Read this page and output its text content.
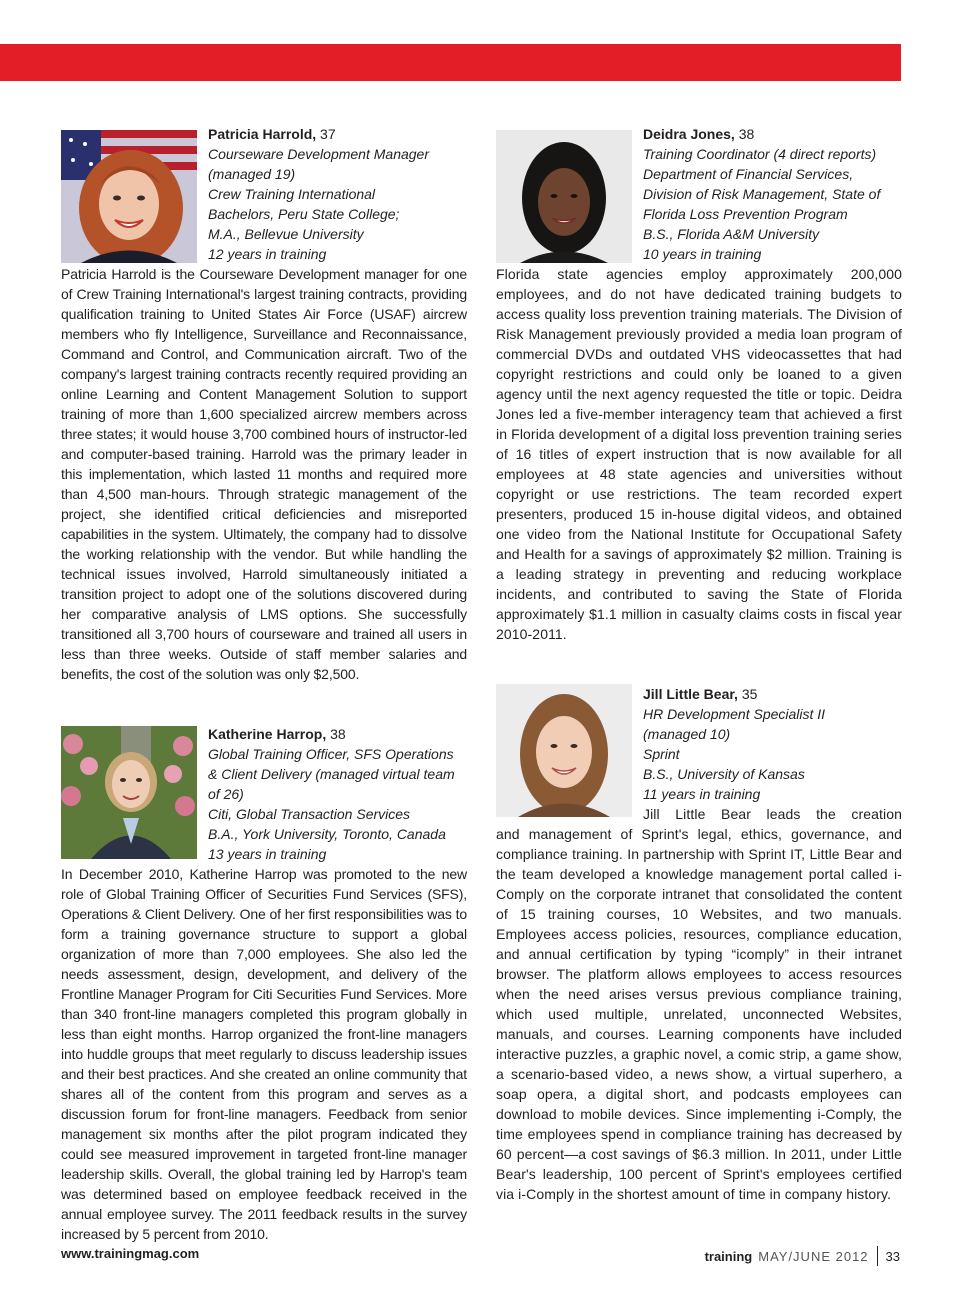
Patricia Harrold, 37
Courseware Development Manager
(managed 19)
Crew Training International
Bachelors, Peru State College;
M.A., Bellevue University
12 years in training

Patricia Harrold is the Courseware Development manager for one of Crew Training International's largest training contracts, providing qualification training to United States Air Force (USAF) aircrew members who fly Intelligence, Surveillance and Reconnaissance, Command and Control, and Communication aircraft. Two of the company's largest training contracts recently required providing an online Learning and Content Management Solution to support training of more than 1,600 specialized aircrew members across three states; it would house 3,700 combined hours of instructor-led and computer-based training. Harrold was the primary leader in this implementation, which lasted 11 months and required more than 4,500 man-hours. Through strategic management of the project, she identified critical deficiencies and misreported capabilities in the system. Ultimately, the company had to dissolve the working relationship with the vendor. But while handling the technical issues involved, Harrold simultaneously initiated a transition project to adopt one of the solutions discovered during her comparative analysis of LMS options. She successfully transitioned all 3,700 hours of courseware and trained all users in less than three weeks. Outside of staff member salaries and benefits, the cost of the solution was only $2,500.

Katherine Harrop, 38
Global Training Officer, SFS Operations
& Client Delivery (managed virtual team
of 26)
Citi, Global Transaction Services
B.A., York University, Toronto, Canada
13 years in training

In December 2010, Katherine Harrop was promoted to the new role of Global Training Officer of Securities Fund Services (SFS), Operations & Client Delivery. One of her first responsibilities was to form a training governance structure to support a global organization of more than 7,000 employees. She also led the needs assessment, design, development, and delivery of the Frontline Manager Program for Citi Securities Fund Services. More than 340 front-line managers completed this program globally in less than eight months. Harrop organized the front-line managers into huddle groups that meet regularly to discuss leadership issues and their best practices. And she created an online community that shares all of the content from this program and serves as a discussion forum for front-line managers. Feedback from senior management six months after the pilot program indicated they could see measured improvement in targeted front-line manager leadership skills. Overall, the global training led by Harrop's team was determined based on employee feedback received in the annual employee survey. The 2011 feedback results in the survey increased by 5 percent from 2010.

Deidra Jones, 38
Training Coordinator (4 direct reports)
Department of Financial Services,
Division of Risk Management, State of
Florida Loss Prevention Program
B.S., Florida A&M University
10 years in training

Florida state agencies employ approximately 200,000 employees, and do not have dedicated training budgets to access quality loss prevention training materials. The Division of Risk Management previously provided a media loan program of commercial DVDs and outdated VHS videocassettes that had copyright restrictions and could only be loaned to a given agency until the next agency requested the title or topic. Deidra Jones led a five-member interagency team that achieved a first in Florida development of a digital loss prevention training series of 16 titles of expert instruction that is now available for all employees at 48 state agencies and universities without copyright or use restrictions. The team recorded expert presenters, produced 15 in-house digital videos, and obtained one video from the National Institute for Occupational Safety and Health for a savings of approximately $2 million. Training is a leading strategy in preventing and reducing workplace incidents, and contributed to saving the State of Florida approximately $1.1 million in casualty claims costs in fiscal year 2010-2011.

Jill Little Bear, 35
HR Development Specialist II
(managed 10)
Sprint
B.S., University of Kansas
11 years in training
Jill Little Bear leads the creation

and management of Sprint's legal, ethics, governance, and compliance training. In partnership with Sprint IT, Little Bear and the team developed a knowledge management portal called i-Comply on the corporate intranet that consolidated the content of 15 training courses, 10 Websites, and two manuals. Employees access policies, resources, compliance education, and annual certification by typing “icomply” in their intranet browser. The platform allows employees to access resources when the need arises versus previous compliance training, which used multiple, unrelated, unconnected Websites, manuals, and courses. Learning components have included interactive puzzles, a graphic novel, a comic strip, a game show, a scenario-based video, a news show, a virtual superhero, a soap opera, a digital short, and podcasts employees can download to mobile devices. Since implementing i-Comply, the time employees spend in compliance training has decreased by 60 percent—a cost savings of $6.3 million. In 2011, under Little Bear's leadership, 100 percent of Sprint's employees certified via i-Comply in the shortest amount of time in company history.

www.trainingmag.com	training MAY/JUNE 2012 33
